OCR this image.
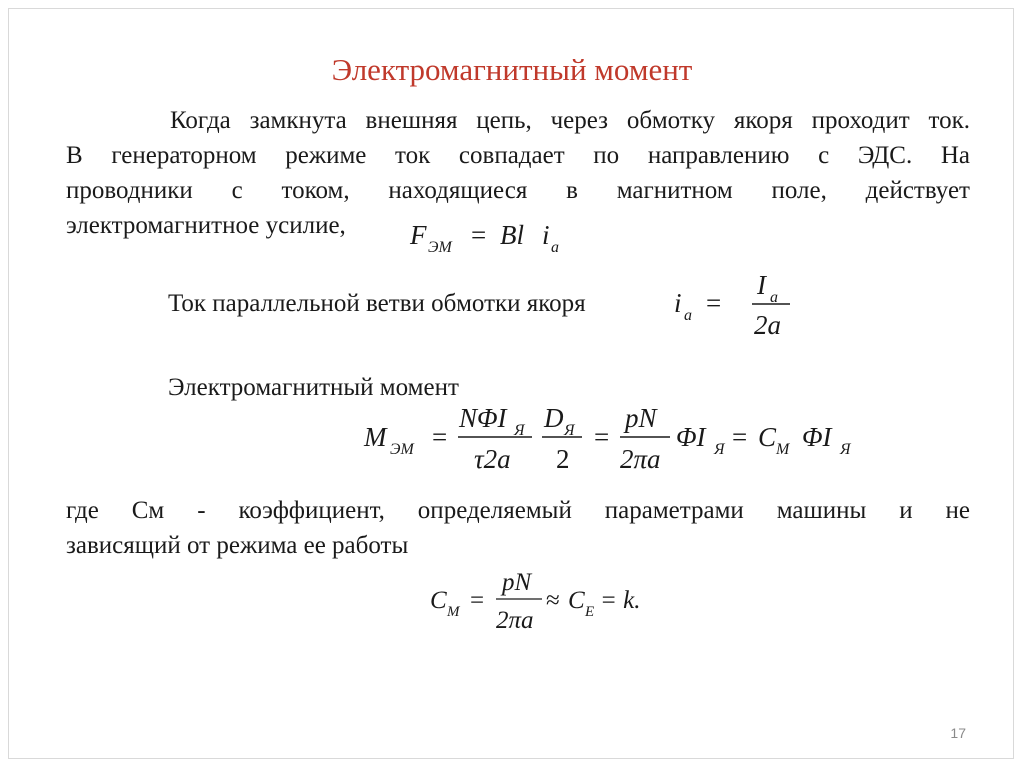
Электромагнитный момент
Когда замкнута внешняя цепь, через обмотку якоря проходит ток.
В генераторном режиме ток совпадает по направлению с ЭДС. На
проводники с током, находящиеся в магнитном поле, действует
электромагнитное усилие,	F ЭМ = Bl i a
Ток параллельной ветви обмотки якоря	i a =
I a
2a
Электромагнитный момент
M ЭМ =
NΦI Я
τ2a
D Я
2
=
pN
2πa
ΦI Я = C М ΦI Я
где См - коэффициент, определяемый параметрами машины и не
зависящий от режима ее работы
C М =
pN
2πa
≈ C E = k.
17
